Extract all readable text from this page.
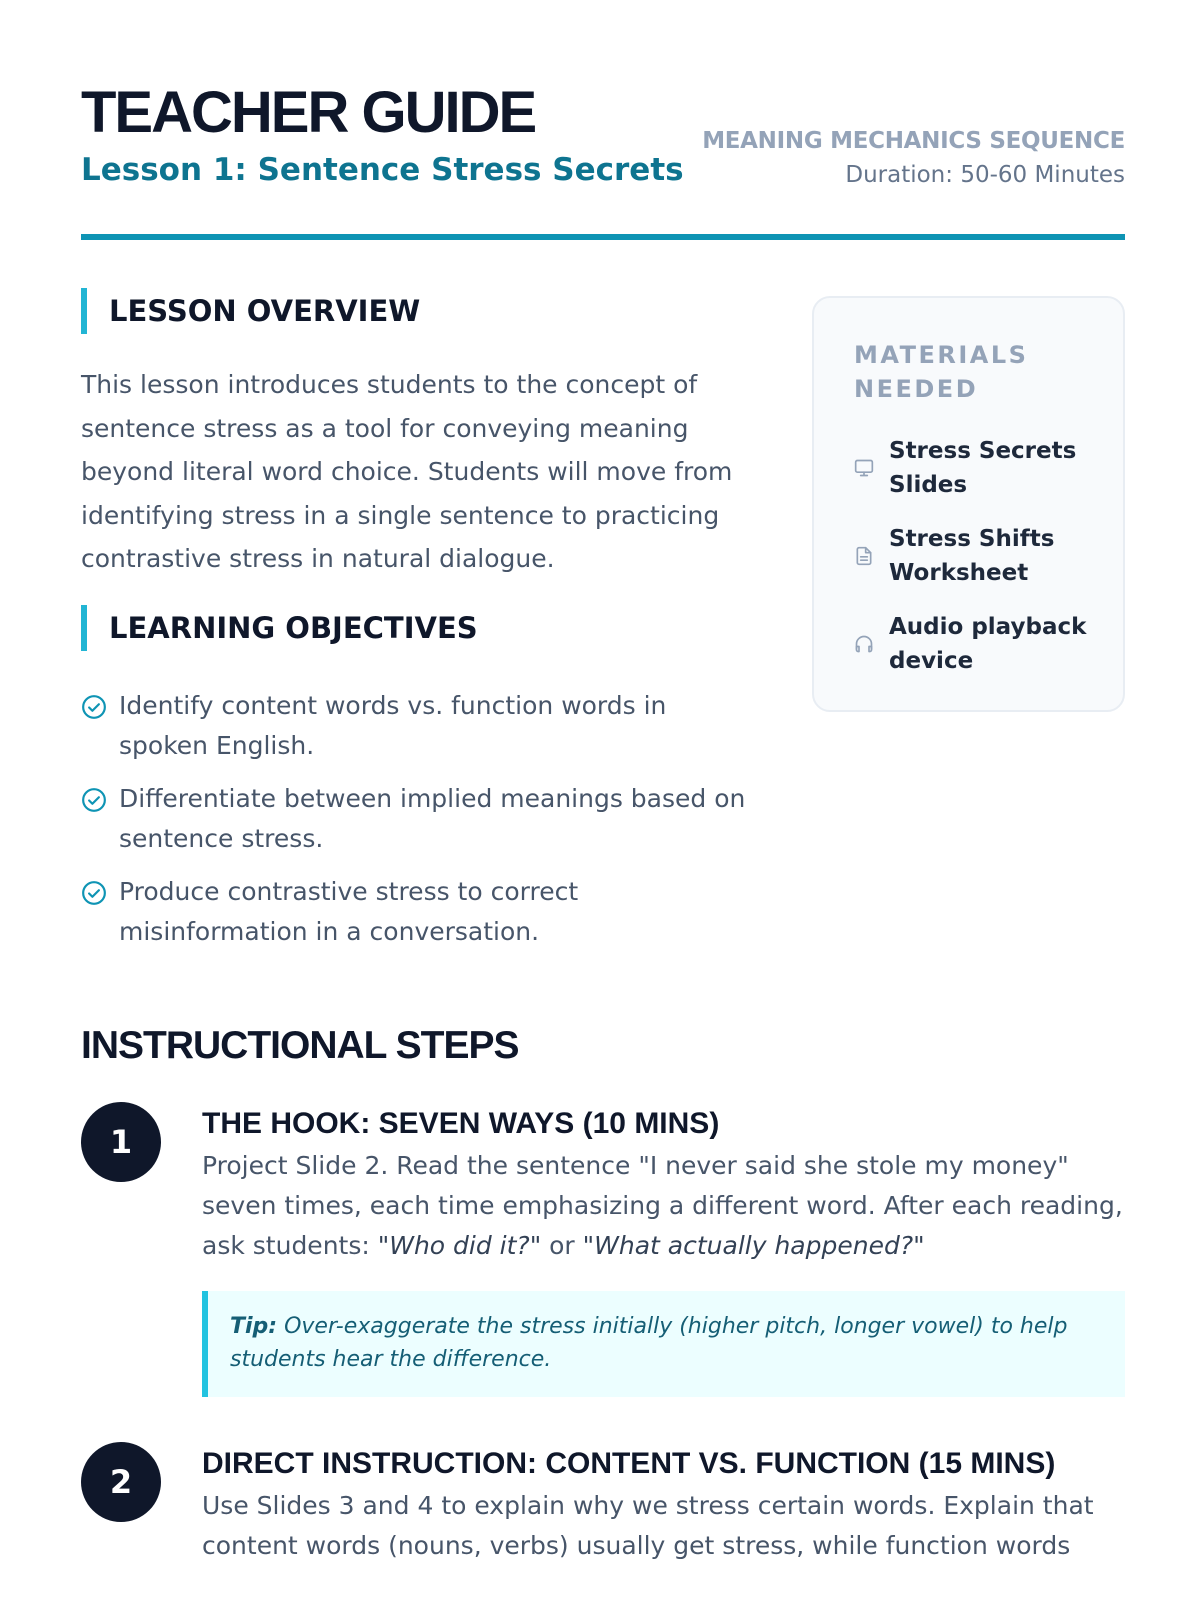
TEACHER GUIDE
Lesson 1: Sentence Stress Secrets
MEANING MECHANICS SEQUENCE
Duration: 50-60 Minutes
LESSON OVERVIEW

This lesson introduces students to the concept of sentence stress as a tool for conveying meaning beyond literal word choice. Students will move from identifying stress in a single sentence to practicing contrastive stress in natural dialogue.

LEARNING OBJECTIVES
Identify content words vs. function words in spoken English.
Differentiate between implied meanings based on sentence stress.
Produce contrastive stress to correct misinformation in a conversation.
MATERIALS NEEDED
Stress Secrets Slides
Stress Shifts Worksheet
Audio playback device
INSTRUCTIONAL STEPS
1	THE HOOK: SEVEN WAYS (10 MINS)

Project Slide 2. Read the sentence "I never said she stole my money" seven times, each time emphasizing a different word. After each reading, ask students: "Who did it?" or "What actually happened?"

Tip: Over-exaggerate the stress initially (higher pitch, longer vowel) to help students hear the difference.
2	DIRECT INSTRUCTION: CONTENT VS. FUNCTION (15 MINS)

Use Slides 3 and 4 to explain why we stress certain words. Explain that content words (nouns, verbs) usually get stress, while function words
